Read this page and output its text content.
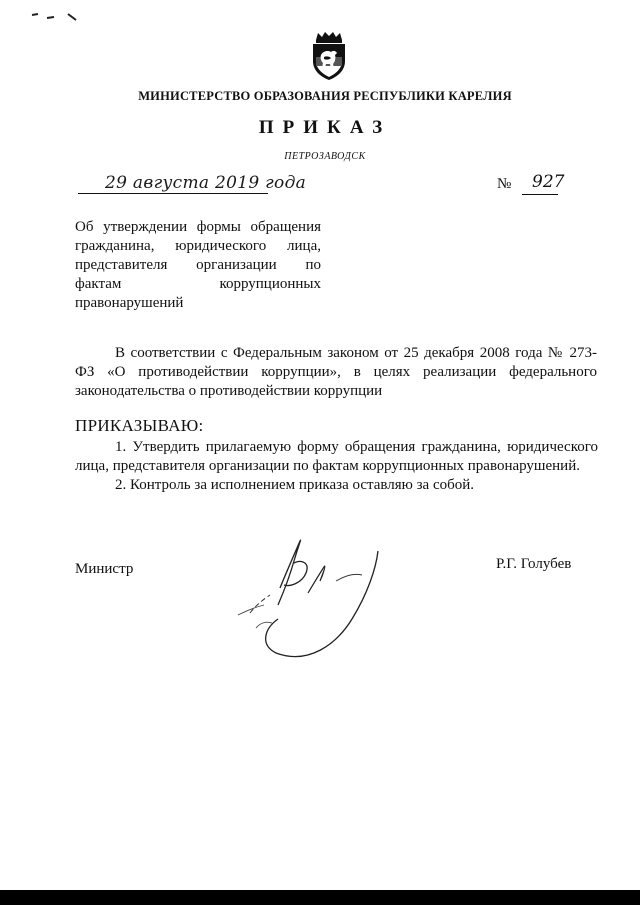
МИНИСТЕРСТВО ОБРАЗОВАНИЯ РЕСПУБЛИКИ КАРЕЛИЯ
ПРИКАЗ
ПЕТРОЗАВОДСК
29 августа 2019 года	№ 927
Об утверждении формы обращения
гражданина, юридического лица,
представителя организации по
фактам коррупционных
правонарушений
В соответствии с Федеральным законом от 25 декабря 2008 года № 273-
ФЗ «О противодействии коррупции», в целях реализации федерального
законодательства о противодействии коррупции
ПРИКАЗЫВАЮ:
1. Утвердить прилагаемую форму обращения гражданина, юридического
лица, представителя организации по фактам коррупционных правонарушений.
2. Контроль за исполнением приказа оставляю за собой.
Министр	Р.Г. Голубев
